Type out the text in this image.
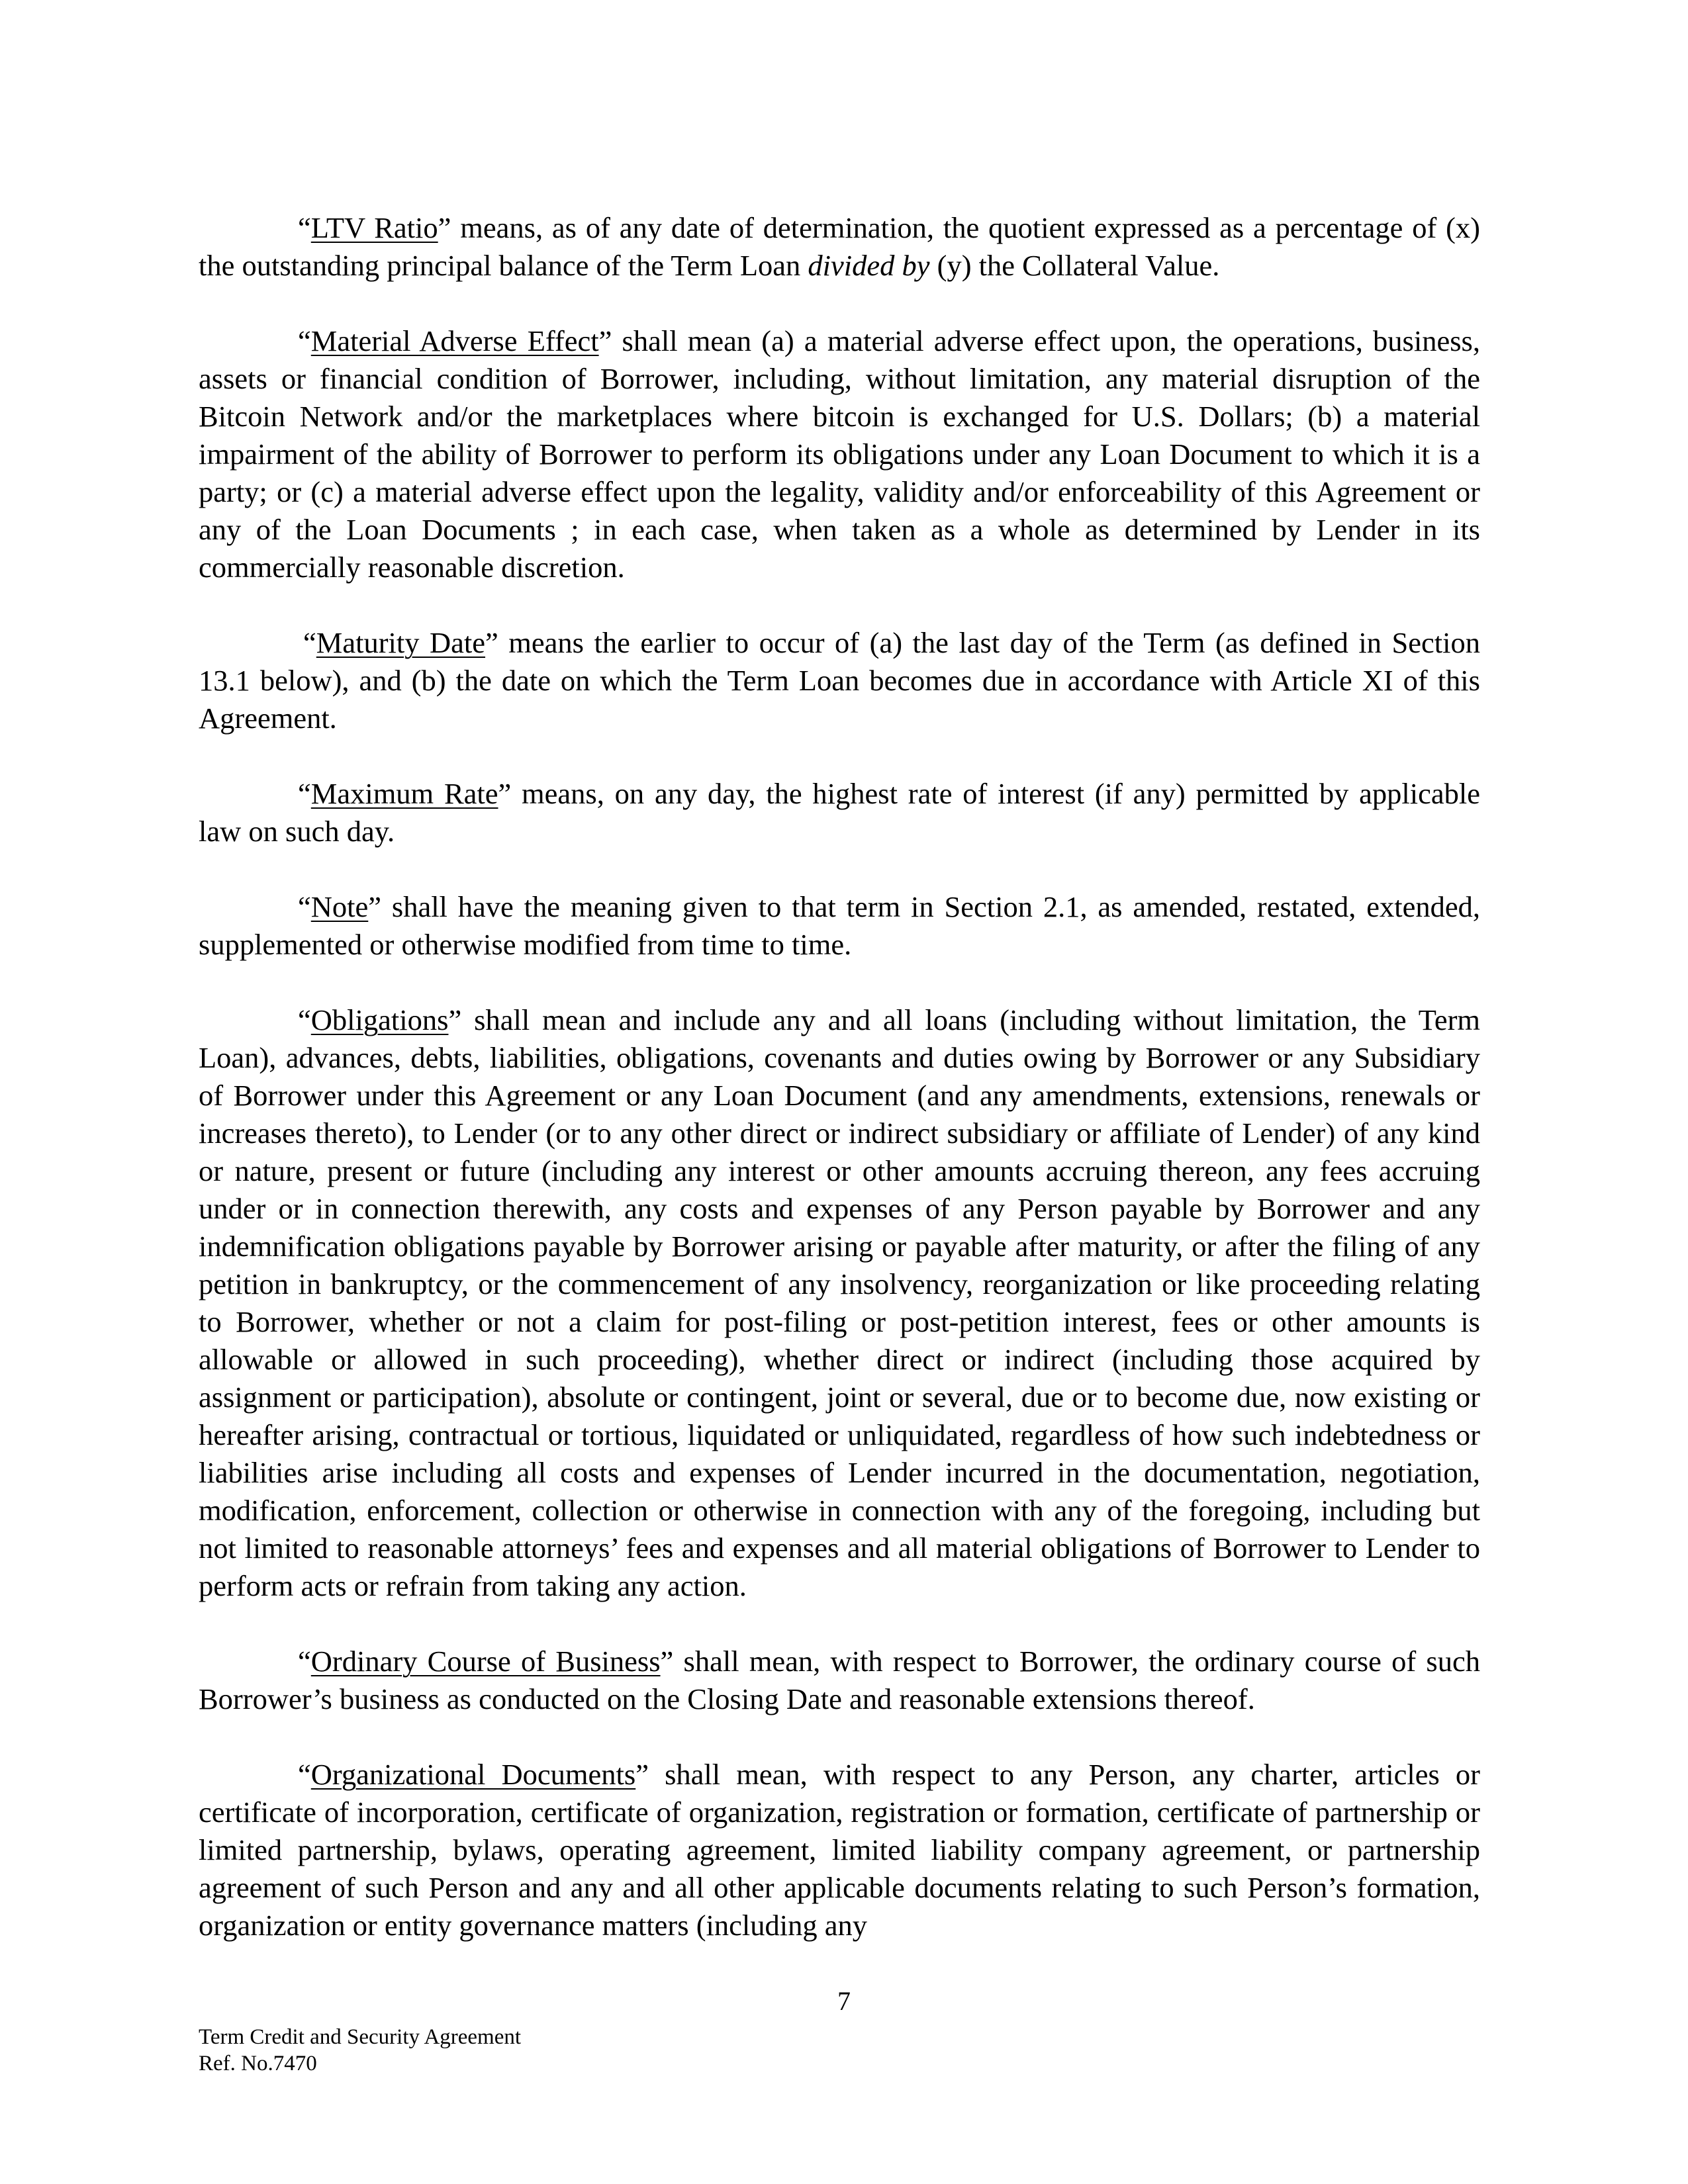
“LTV Ratio” means, as of any date of determination, the quotient expressed as a percentage of (x) the outstanding principal balance of the Term Loan divided by (y) the Collateral Value.

“Material Adverse Effect” shall mean (a) a material adverse effect upon, the operations, business, assets or financial condition of Borrower, including, without limitation, any material disruption of the Bitcoin Network and/or the marketplaces where bitcoin is exchanged for U.S. Dollars; (b) a material impairment of the ability of Borrower to perform its obligations under any Loan Document to which it is a party; or (c) a material adverse effect upon the legality, validity and/or enforceability of this Agreement or any of the Loan Documents ; in each case, when taken as a whole as determined by Lender in its commercially reasonable discretion.

“Maturity Date” means the earlier to occur of (a) the last day of the Term (as defined in Section 13.1 below), and (b) the date on which the Term Loan becomes due in accordance with Article XI of this Agreement.

“Maximum Rate” means, on any day, the highest rate of interest (if any) permitted by applicable law on such day.

“Note” shall have the meaning given to that term in Section 2.1, as amended, restated, extended, supplemented or otherwise modified from time to time.

“Obligations” shall mean and include any and all loans (including without limitation, the Term Loan), advances, debts, liabilities, obligations, covenants and duties owing by Borrower or any Subsidiary of Borrower under this Agreement or any Loan Document (and any amendments, extensions, renewals or increases thereto), to Lender (or to any other direct or indirect subsidiary or affiliate of Lender) of any kind or nature, present or future (including any interest or other amounts accruing thereon, any fees accruing under or in connection therewith, any costs and expenses of any Person payable by Borrower and any indemnification obligations payable by Borrower arising or payable after maturity, or after the filing of any petition in bankruptcy, or the commencement of any insolvency, reorganization or like proceeding relating to Borrower, whether or not a claim for post-filing or post-petition interest, fees or other amounts is allowable or allowed in such proceeding), whether direct or indirect (including those acquired by assignment or participation), absolute or contingent, joint or several, due or to become due, now existing or hereafter arising, contractual or tortious, liquidated or unliquidated, regardless of how such indebtedness or liabilities arise including all costs and expenses of Lender incurred in the documentation, negotiation, modification, enforcement, collection or otherwise in connection with any of the foregoing, including but not limited to reasonable attorneys’ fees and expenses and all material obligations of Borrower to Lender to perform acts or refrain from taking any action.

“Ordinary Course of Business” shall mean, with respect to Borrower, the ordinary course of such Borrower’s business as conducted on the Closing Date and reasonable extensions thereof.

“Organizational Documents” shall mean, with respect to any Person, any charter, articles or certificate of incorporation, certificate of organization, registration or formation, certificate of partnership or limited partnership, bylaws, operating agreement, limited liability company agreement, or partnership agreement of such Person and any and all other applicable documents relating to such Person’s formation, organization or entity governance matters (including any

7
Term Credit and Security Agreement
Ref. No.7470
